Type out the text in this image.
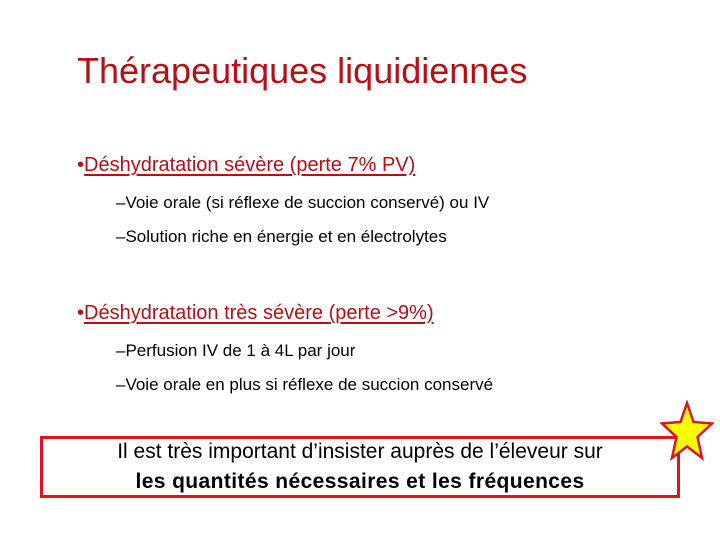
Thérapeutiques liquidiennes
•Déshydratation sévère (perte 7% PV)
–Voie orale (si réflexe de succion conservé) ou IV
–Solution riche en énergie et en électrolytes
•Déshydratation très sévère (perte >9%)
–Perfusion IV de 1 à 4L par jour
–Voie orale en plus si réflexe de succion conservé
Il est très important d’insister auprès de l’éleveur sur
les quantités nécessaires et les fréquences
